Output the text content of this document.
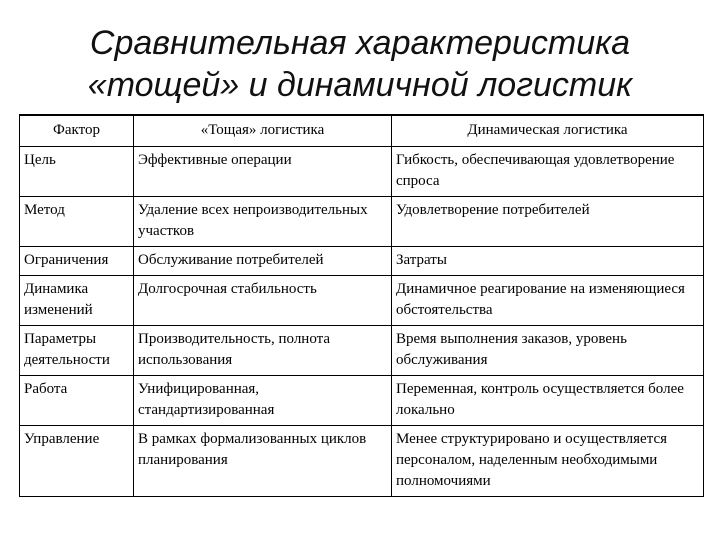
Сравнительная характеристика
«тощей» и динамичной логистик
Фактор	«Тощая» логистика	Динамическая логистика
Цель	Эффективные операции	Гибкость, обеспечивающая удовлетворение спроса
Метод	Удаление всех непроизводительных участков	Удовлетворение потребителей
Ограничения	Обслуживание потребителей	Затраты
Динамика изменений	Долгосрочная стабильность	Динамичное реагирование на изменяющиеся обстоятельства
Параметры деятельности	Производительность, полнота использования	Время выполнения заказов, уровень обслуживания
Работа	Унифицированная, стандартизированная	Переменная, контроль осуществляется более локально
Управление	В рамках формализованных циклов планирования	Менее структурировано и осуществляется персоналом, наделенным необходимыми полномочиями
